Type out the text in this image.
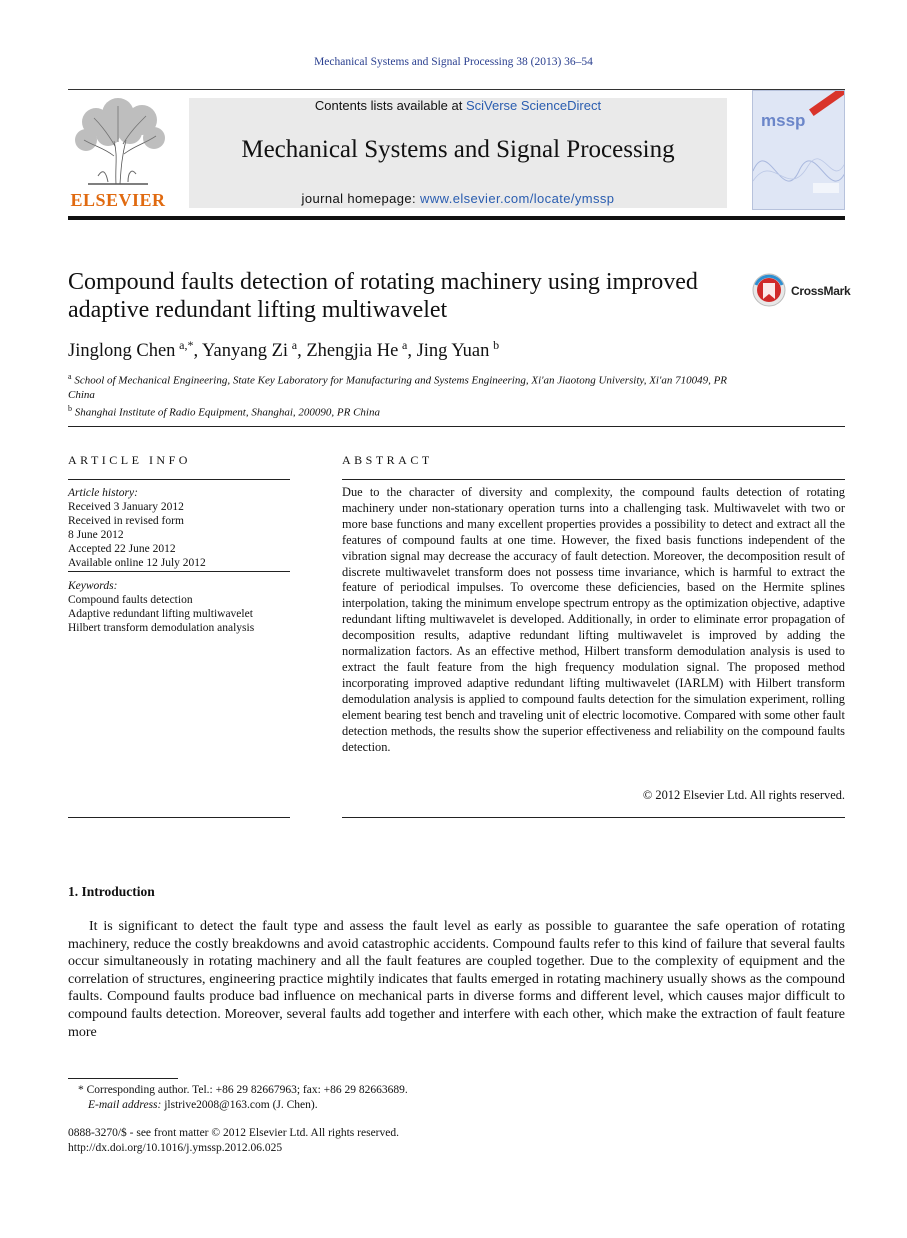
Mechanical Systems and Signal Processing 38 (2013) 36–54
ELSEVIER
Contents lists available at SciVerse ScienceDirect
Mechanical Systems and Signal Processing
journal homepage: www.elsevier.com/locate/ymssp
mssp
Compound faults detection of rotating machinery using improved adaptive redundant lifting multiwavelet
CrossMark
Jinglong Chen  $^{a,*}$, Yanyang Zi  $^a$, Zhengjia He  $^a$, Jing Yuan  $^b$
$^a$ School of Mechanical Engineering, State Key Laboratory for Manufacturing and Systems Engineering, Xi'an Jiaotong University, Xi'an 710049, PR China
$^b$ Shanghai Institute of Radio Equipment, Shanghai, 200090, PR China
ARTICLE INFO
Article history:
Received 3 January 2012
Received in revised form
8 June 2012
Accepted 22 June 2012
Available online 12 July 2012
Keywords:
Compound faults detection
Adaptive redundant lifting multiwavelet
Hilbert transform demodulation analysis
ABSTRACT
Due to the character of diversity and complexity, the compound faults detection of rotating machinery under non-stationary operation turns into a challenging task. Multiwavelet with two or more base functions and many excellent properties provides a possibility to detect and extract all the features of compound faults at one time. However, the fixed basis functions independent of the vibration signal may decrease the accuracy of fault detection. Moreover, the decomposition result of discrete multiwavelet transform does not possess time invariance, which is harmful to extract the feature of periodical impulses. To overcome these deficiencies, based on the Hermite splines interpolation, taking the minimum envelope spectrum entropy as the optimization objective, adaptive redundant lifting multiwavelet is developed. Additionally, in order to eliminate error propagation of decomposition results, adaptive redundant lifting multiwavelet is improved by adding the normalization factors. As an effective method, Hilbert transform demodulation analysis is used to extract the fault feature from the high frequency modulation signal. The proposed method incorporating improved adaptive redundant lifting multiwavelet (IARLM) with Hilbert transform demodulation analysis is applied to compound faults detection for the simulation experiment, rolling element bearing test bench and traveling unit of electric locomotive. Compared with some other fault detection methods, the results show the superior effectiveness and reliability on the compound faults detection.
© 2012 Elsevier Ltd. All rights reserved.
1. Introduction
It is significant to detect the fault type and assess the fault level as early as possible to guarantee the safe operation of rotating machinery, reduce the costly breakdowns and avoid catastrophic accidents. Compound faults refer to this kind of failure that several faults occur simultaneously in rotating machinery and all the fault features are coupled together. Due to the complexity of equipment and the correlation of structures, engineering practice mightily indicates that faults emerged in rotating machinery usually shows as the compound faults. Compound faults produce bad influence on mechanical parts in diverse forms and different level, which causes major difficult to compound faults detection. Moreover, several faults add together and interfere with each other, which make the extraction of fault feature more
* Corresponding author. Tel.: +86 29 82667963; fax: +86 29 82663689.
E-mail address: jlstrive2008@163.com (J. Chen).
0888-3270/$ - see front matter © 2012 Elsevier Ltd. All rights reserved.
http://dx.doi.org/10.1016/j.ymssp.2012.06.025
